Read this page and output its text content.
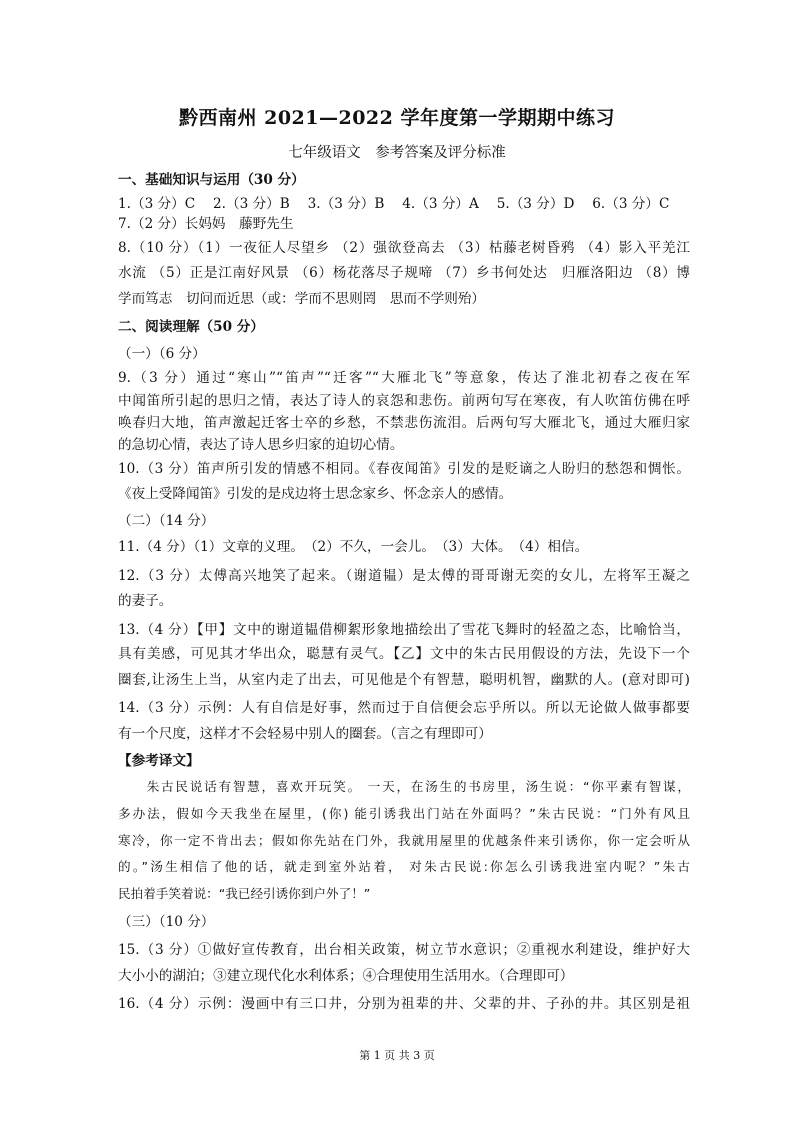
黔西南州 2021—2022 学年度第一学期期中练习
七年级语文　参考答案及评分标准
一、基础知识与运用（30 分）
1.（3 分）C　 2.（3 分）B　 3.（3 分）B　 4.（3 分）A　 5.（3 分）D　 6.（3 分）C
7.（2 分）长妈妈　藤野先生
8.（10 分）（1）一夜征人尽望乡 （2）强欲登高去 （3）枯藤老树昏鸦 （4）影入平羌江
水流 （5）正是江南好风景 （6）杨花落尽子规啼 （7）乡书何处达　归雁洛阳边 （8）博
学而笃志　切问而近思（或：学而不思则罔　思而不学则殆）
二、阅读理解（50 分）
（一）（6 分）
9.（3 分）通过“寒山”“笛声”“迁客”“大雁北飞”等意象，传达了淮北初春之夜在军
中闻笛所引起的思归之情，表达了诗人的哀怨和悲伤。前两句写在寒夜，有人吹笛仿佛在呼
唤春归大地，笛声激起迁客士卒的乡愁，不禁悲伤流泪。后两句写大雁北飞，通过大雁归家
的急切心情，表达了诗人思乡归家的迫切心情。
10.（3 分）笛声所引发的情感不相同。《春夜闻笛》引发的是贬谪之人盼归的愁怨和惆怅。
《夜上受降闻笛》引发的是戍边将士思念家乡、怀念亲人的感情。
（二）（14 分）
11.（4 分）（1）文章的义理。　（2）不久，一会儿。　（3）大体。　（4）相信。
12.（3 分）太傅高兴地笑了起来。（谢道韫）是太傅的哥哥谢无奕的女儿，左将军王凝之
的妻子。
13.（4 分）【甲】文中的谢道韫借柳絮形象地描绘出了雪花飞舞时的轻盈之态，比喻恰当，
具有美感，可见其才华出众，聪慧有灵气。【乙】文中的朱古民用假设的方法，先设下一个
圈套,让汤生上当，从室内走了出去，可见他是个有智慧，聪明机智，幽默的人。(意对即可)
14.（3 分）示例：人有自信是好事，然而过于自信便会忘乎所以。所以无论做人做事都要
有一个尺度，这样才不会轻易中别人的圈套。（言之有理即可）
【参考译文】
　　朱古民说话有智慧，喜欢开玩笑。 一天，在汤生的书房里，汤生说：“你平素有智谋，
多办法，假如今天我坐在屋里，(你) 能引诱我出门站在外面吗？”朱古民说：“门外有风且
寒冷，你一定不肯出去；假如你先站在门外，我就用屋里的优越条件来引诱你，你一定会听从
的。”汤生相信了他的话，就走到室外站着， 对朱古民说:你怎么引诱我进室内呢？”朱古
民拍着手笑着说：“我已经引诱你到户外了！”
（三）（10 分）
15.（3 分）①做好宣传教育，出台相关政策，树立节水意识；②重视水利建设，维护好大
大小小的湖泊；③建立现代化水利体系；④合理使用生活用水。（合理即可）
16.（4 分）示例：漫画中有三口井，分别为祖辈的井、父辈的井、子孙的井。其区别是祖
第 1 页 共 3 页
